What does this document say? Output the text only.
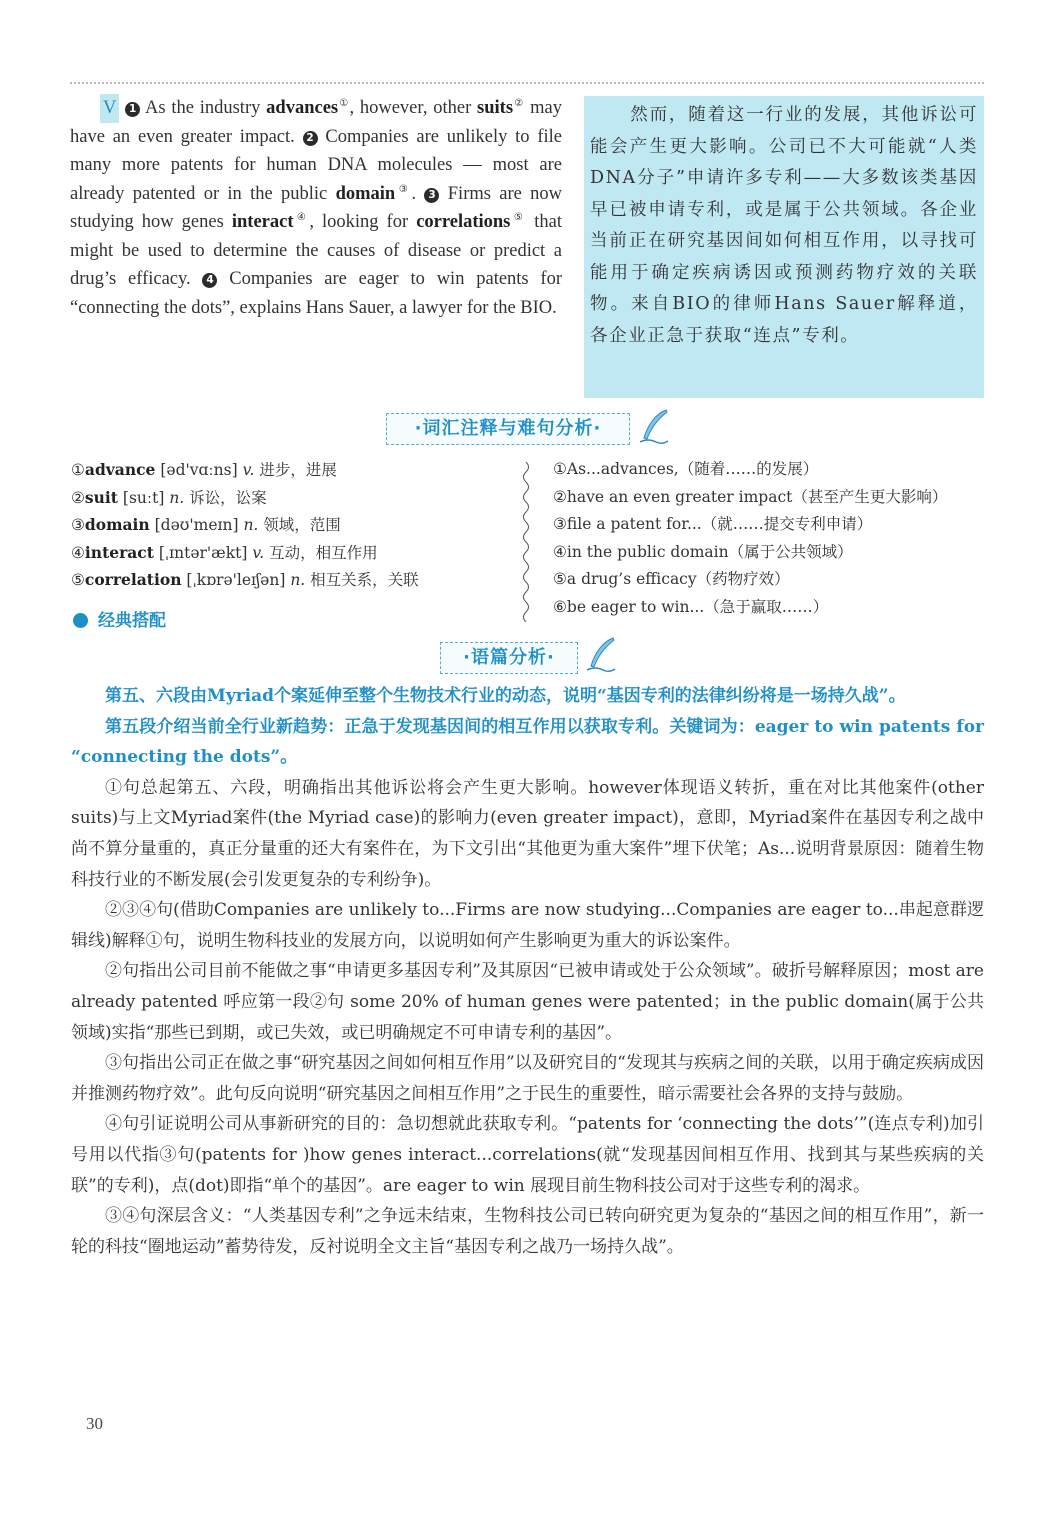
V 1 As the industry advances①, however, other suits② may have an even greater impact. 2 Companies are unlikely to file many more patents for human DNA molecules — most are already patented or in the public domain③. 3 Firms are now studying how genes interact④, looking for correlations⑤ that might be used to determine the causes of disease or predict a drug’s efficacy. 4 Companies are eager to win patents for “connecting the dots”, explains Hans Sauer, a lawyer for the BIO.
然而，随着这一行业的发展，其他诉讼可能会产生更大影响。公司已不大可能就“人类DNA分子”申请许多专利——大多数该类基因早已被申请专利，或是属于公共领域。各企业当前正在研究基因间如何相互作用，以寻找可能用于确定疾病诱因或预测药物疗效的关联物。来自BIO的律师Hans Sauer解释道，各企业正急于获取“连点”专利。
·词汇注释与难句分析·
①advance [əd'vɑːns] v. 进步，进展
②suit [suːt] n. 诉讼，讼案
③domain [dəʊ'meɪn] n. 领域，范围
④interact [ˌɪntər'ækt] v. 互动，相互作用
⑤correlation [ˌkɒrə'leɪʃən] n. 相互关系，关联
①As...advances,（随着……的发展）
②have an even greater impact（甚至产生更大影响）
③file a patent for...（就……提交专利申请）
④in the public domain（属于公共领域）
⑤a drug’s efficacy（药物疗效）
⑥be eager to win...（急于赢取……）
经典搭配
·语篇分析·

第五、六段由Myriad个案延伸至整个生物技术行业的动态，说明“基因专利的法律纠纷将是一场持久战”。

第五段介绍当前全行业新趋势：正急于发现基因间的相互作用以获取专利。关键词为：eager to win patents for “connecting the dots”。

①句总起第五、六段，明确指出其他诉讼将会产生更大影响。however体现语义转折，重在对比其他案件(other suits)与上文Myriad案件(the Myriad case)的影响力(even greater impact)，意即，Myriad案件在基因专利之战中尚不算分量重的，真正分量重的还大有案件在，为下文引出“其他更为重大案件”埋下伏笔；As...说明背景原因：随着生物科技行业的不断发展(会引发更复杂的专利纷争)。

②③④句(借助Companies are unlikely to...Firms are now studying...Companies are eager to...串起意群逻辑线)解释①句，说明生物科技业的发展方向，以说明如何产生影响更为重大的诉讼案件。

②句指出公司目前不能做之事“申请更多基因专利”及其原因“已被申请或处于公众领域”。破折号解释原因；most are already patented 呼应第一段②句 some 20% of human genes were patented；in the public domain(属于公共领域)实指“那些已到期，或已失效，或已明确规定不可申请专利的基因”。

③句指出公司正在做之事“研究基因之间如何相互作用”以及研究目的“发现其与疾病之间的关联，以用于确定疾病成因并推测药物疗效”。此句反向说明“研究基因之间相互作用”之于民生的重要性，暗示需要社会各界的支持与鼓励。

④句引证说明公司从事新研究的目的：急切想就此获取专利。“patents for ‘connecting the dots’”(连点专利)加引号用以代指③句(patents for )how genes interact...correlations(就“发现基因间相互作用、找到其与某些疾病的关联”的专利)，点(dot)即指“单个的基因”。are eager to win 展现目前生物科技公司对于这些专利的渴求。

③④句深层含义：“人类基因专利”之争远未结束，生物科技公司已转向研究更为复杂的“基因之间的相互作用”，新一轮的科技“圈地运动”蓄势待发，反衬说明全文主旨“基因专利之战乃一场持久战”。

30
